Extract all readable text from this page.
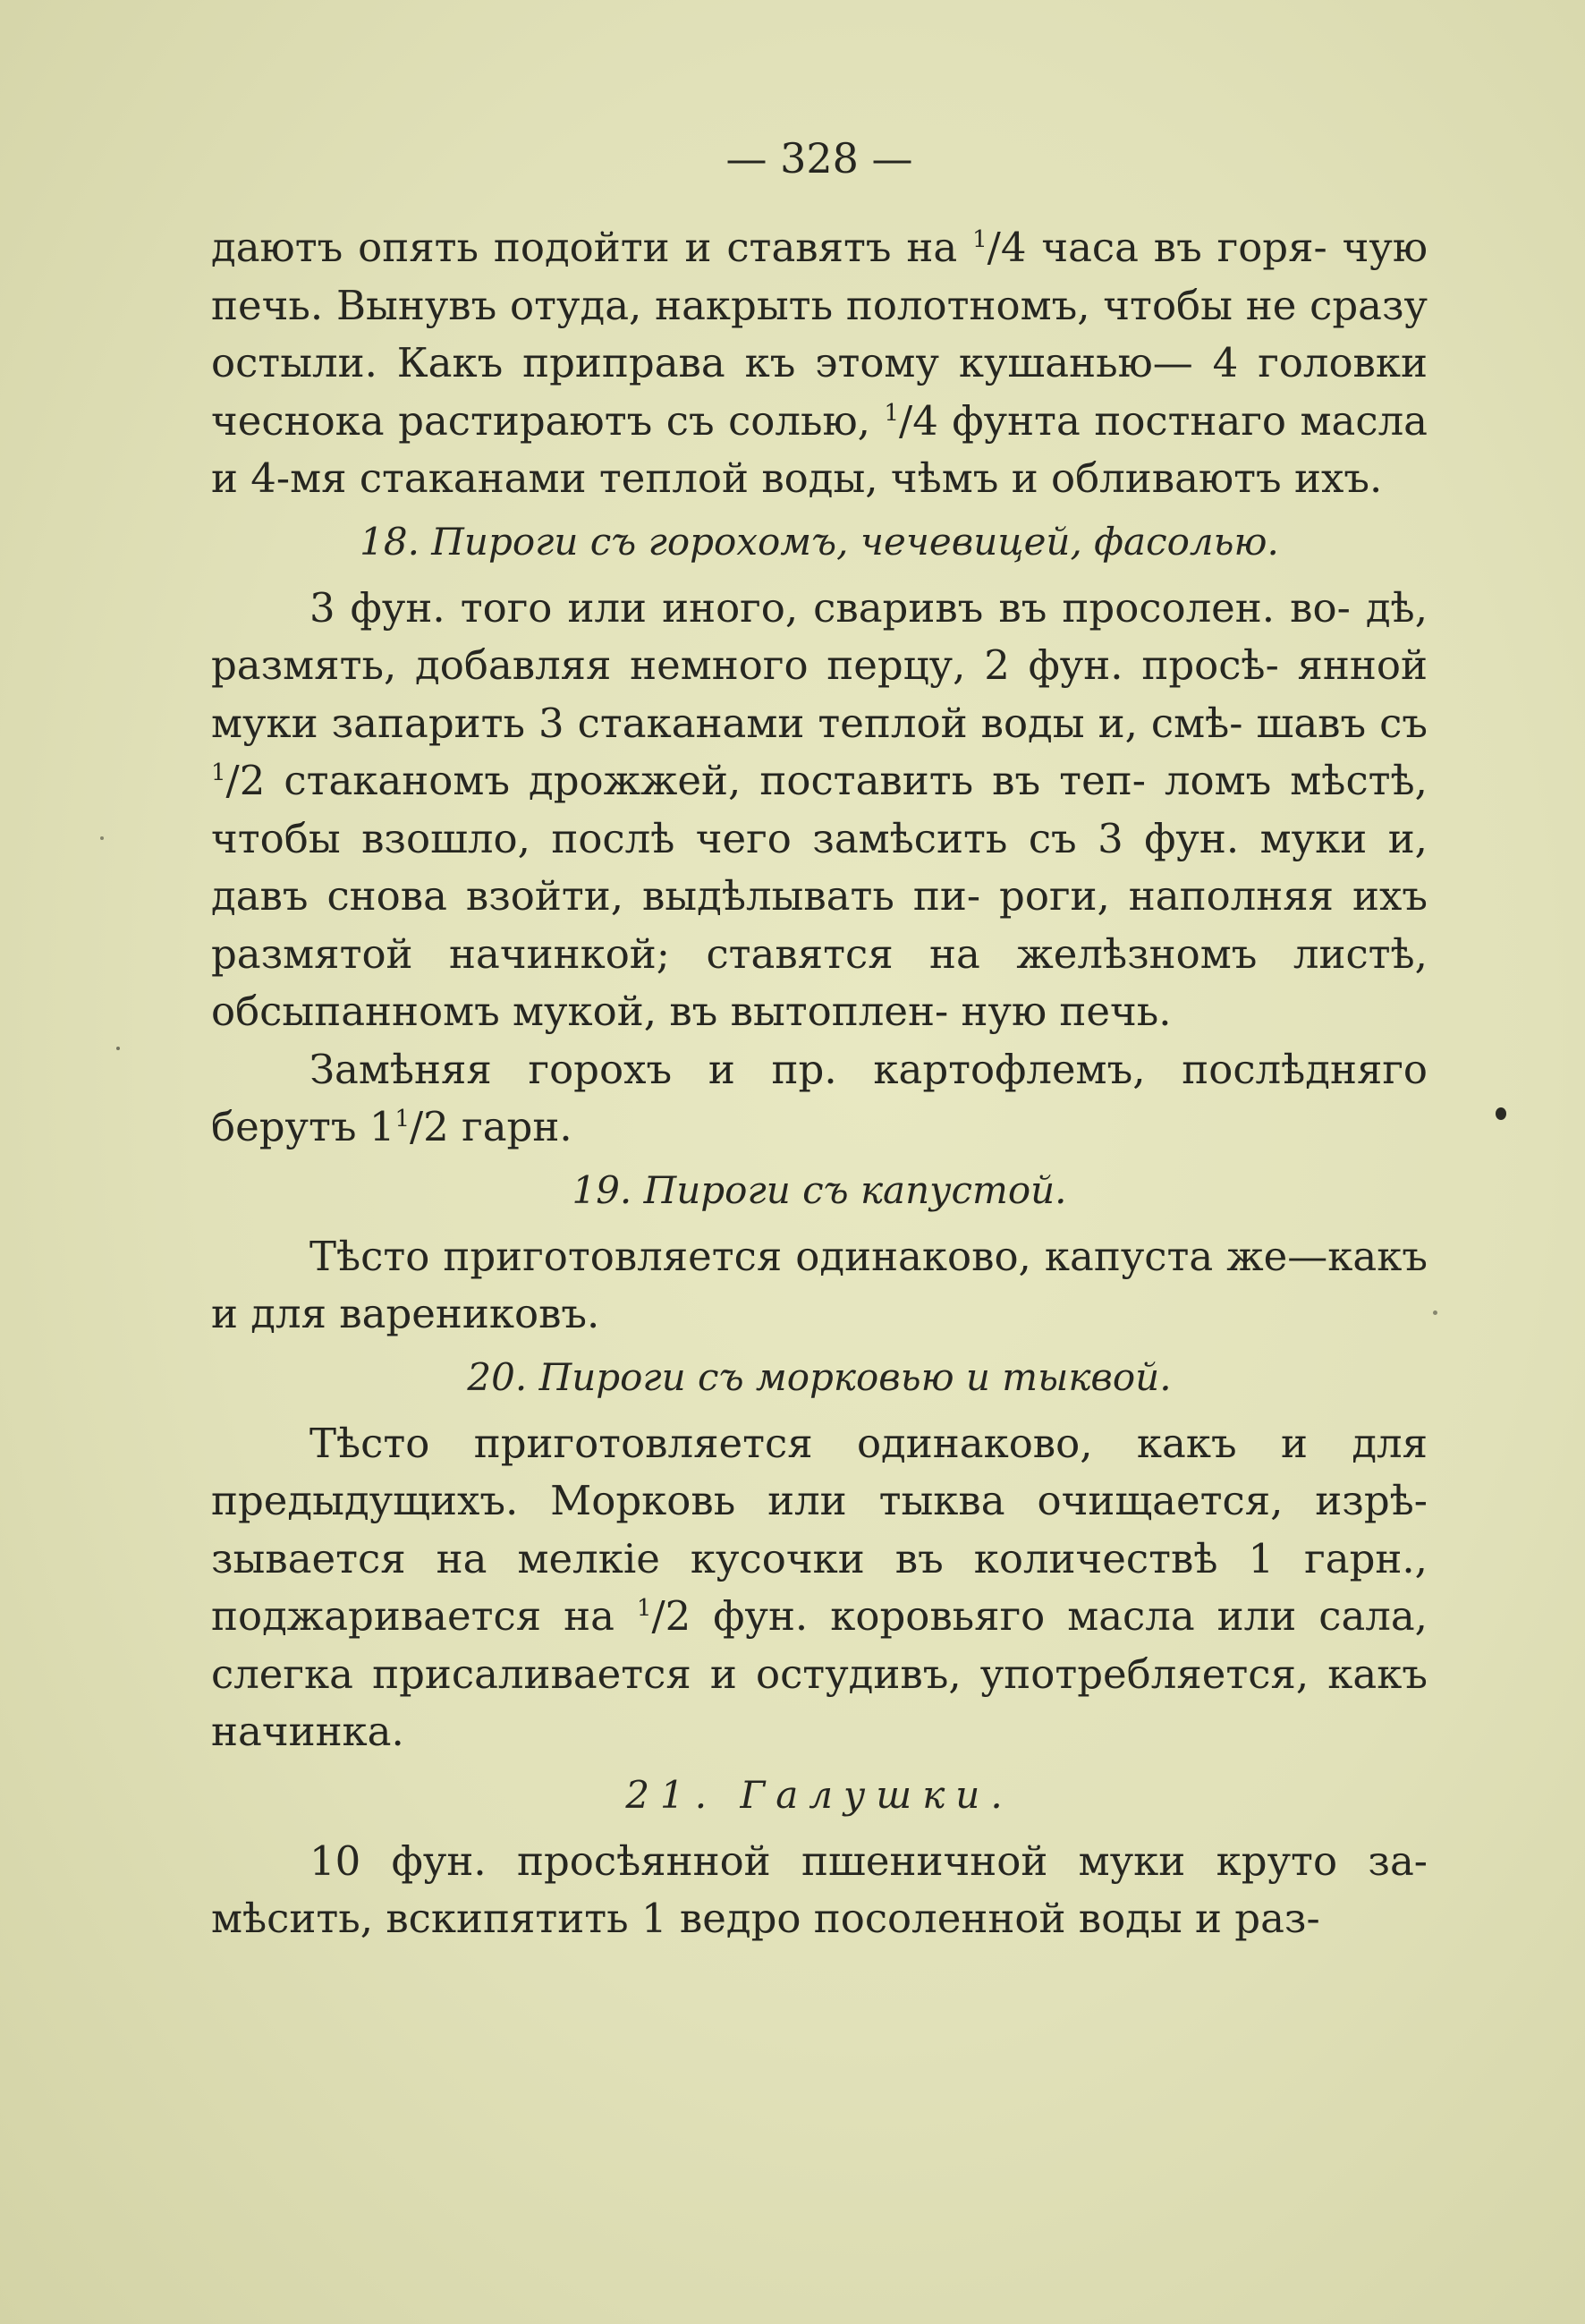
— 328 —

даютъ опять подойти и ставятъ на $^1$/4 часа въ горя- чую печь. Вынувъ отуда, накрыть полотномъ, чтобы не сразу остыли. Какъ приправа къ этому кушанью— 4 головки чеснока растираютъ съ солью, $^1$/4 фунта постнаго масла и 4-мя стаканами теплой воды, чѣмъ и обливаютъ ихъ.

18. Пироги съ горохомъ, чечевицей, фасолью.

3 фун. того или иного, сваривъ въ просолен. во- дѣ, размять, добавляя немного перцу, 2 фун. просѣ- янной муки запарить 3 стаканами теплой воды и, смѣ- шавъ съ $^1$/2 стаканомъ дрожжей, поставить въ теп- ломъ мѣстѣ, чтобы взошло, послѣ чего замѣсить съ 3 фун. муки и, давъ снова взойти, выдѣлывать пи- роги, наполняя ихъ размятой начинкой; ставятся на желѣзномъ листѣ, обсыпанномъ мукой, въ вытоплен- ную печь.

Замѣняя горохъ и пр. картофлемъ, послѣдняго берутъ $1^1/2$ гарн.

19. Пироги съ капустой.

Тѣсто приготовляется одинаково, капуста же—какъ и для варениковъ.

20. Пироги съ морковью и тыквой.

Тѣсто приготовляется одинаково, какъ и для предыдущихъ. Морковь или тыква очищается, изрѣ- зывается на мелкіе кусочки въ количествѣ 1 гарн., поджаривается на $^1$/2 фун. коровьяго масла или сала, слегка присаливается и остудивъ, употребляется, какъ начинка.

21. Галушки.

10 фун. просѣянной пшеничной муки круто за- мѣсить, вскипятить 1 ведро посоленной воды и раз-
